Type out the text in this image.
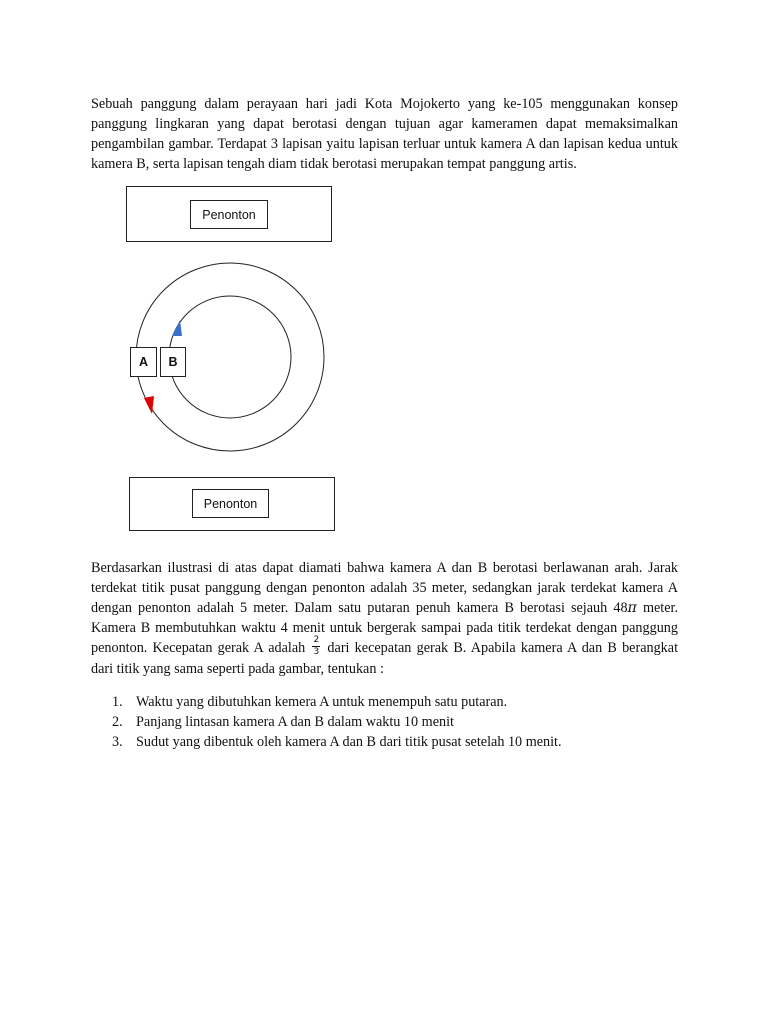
Sebuah panggung dalam perayaan hari jadi Kota Mojokerto yang ke-105 menggunakan konsep panggung lingkaran yang dapat berotasi dengan tujuan agar kameramen dapat memaksimalkan pengambilan gambar. Terdapat 3 lapisan yaitu lapisan terluar untuk kamera A dan lapisan kedua untuk kamera B, serta lapisan tengah diam tidak berotasi merupakan tempat panggung artis.

Penonton
A B
Penonton

Berdasarkan ilustrasi di atas dapat diamati bahwa kamera A dan B berotasi berlawanan arah. Jarak terdekat titik pusat panggung dengan penonton adalah 35 meter, sedangkan jarak terdekat kamera A dengan penonton adalah 5 meter. Dalam satu putaran penuh kamera B berotasi sejauh 48π meter. Kamera B membutuhkan waktu 4 menit untuk bergerak sampai pada titik terdekat dengan panggung penonton. Kecepatan gerak A adalah $\frac{2}{3}$ dari kecepatan gerak B. Apabila kamera A dan B berangkat dari titik yang sama seperti pada gambar, tentukan :

1. Waktu yang dibutuhkan kemera A untuk menempuh satu putaran.
2. Panjang lintasan kamera A dan B dalam waktu 10 menit
3. Sudut yang dibentuk oleh kamera A dan B dari titik pusat setelah 10 menit.
